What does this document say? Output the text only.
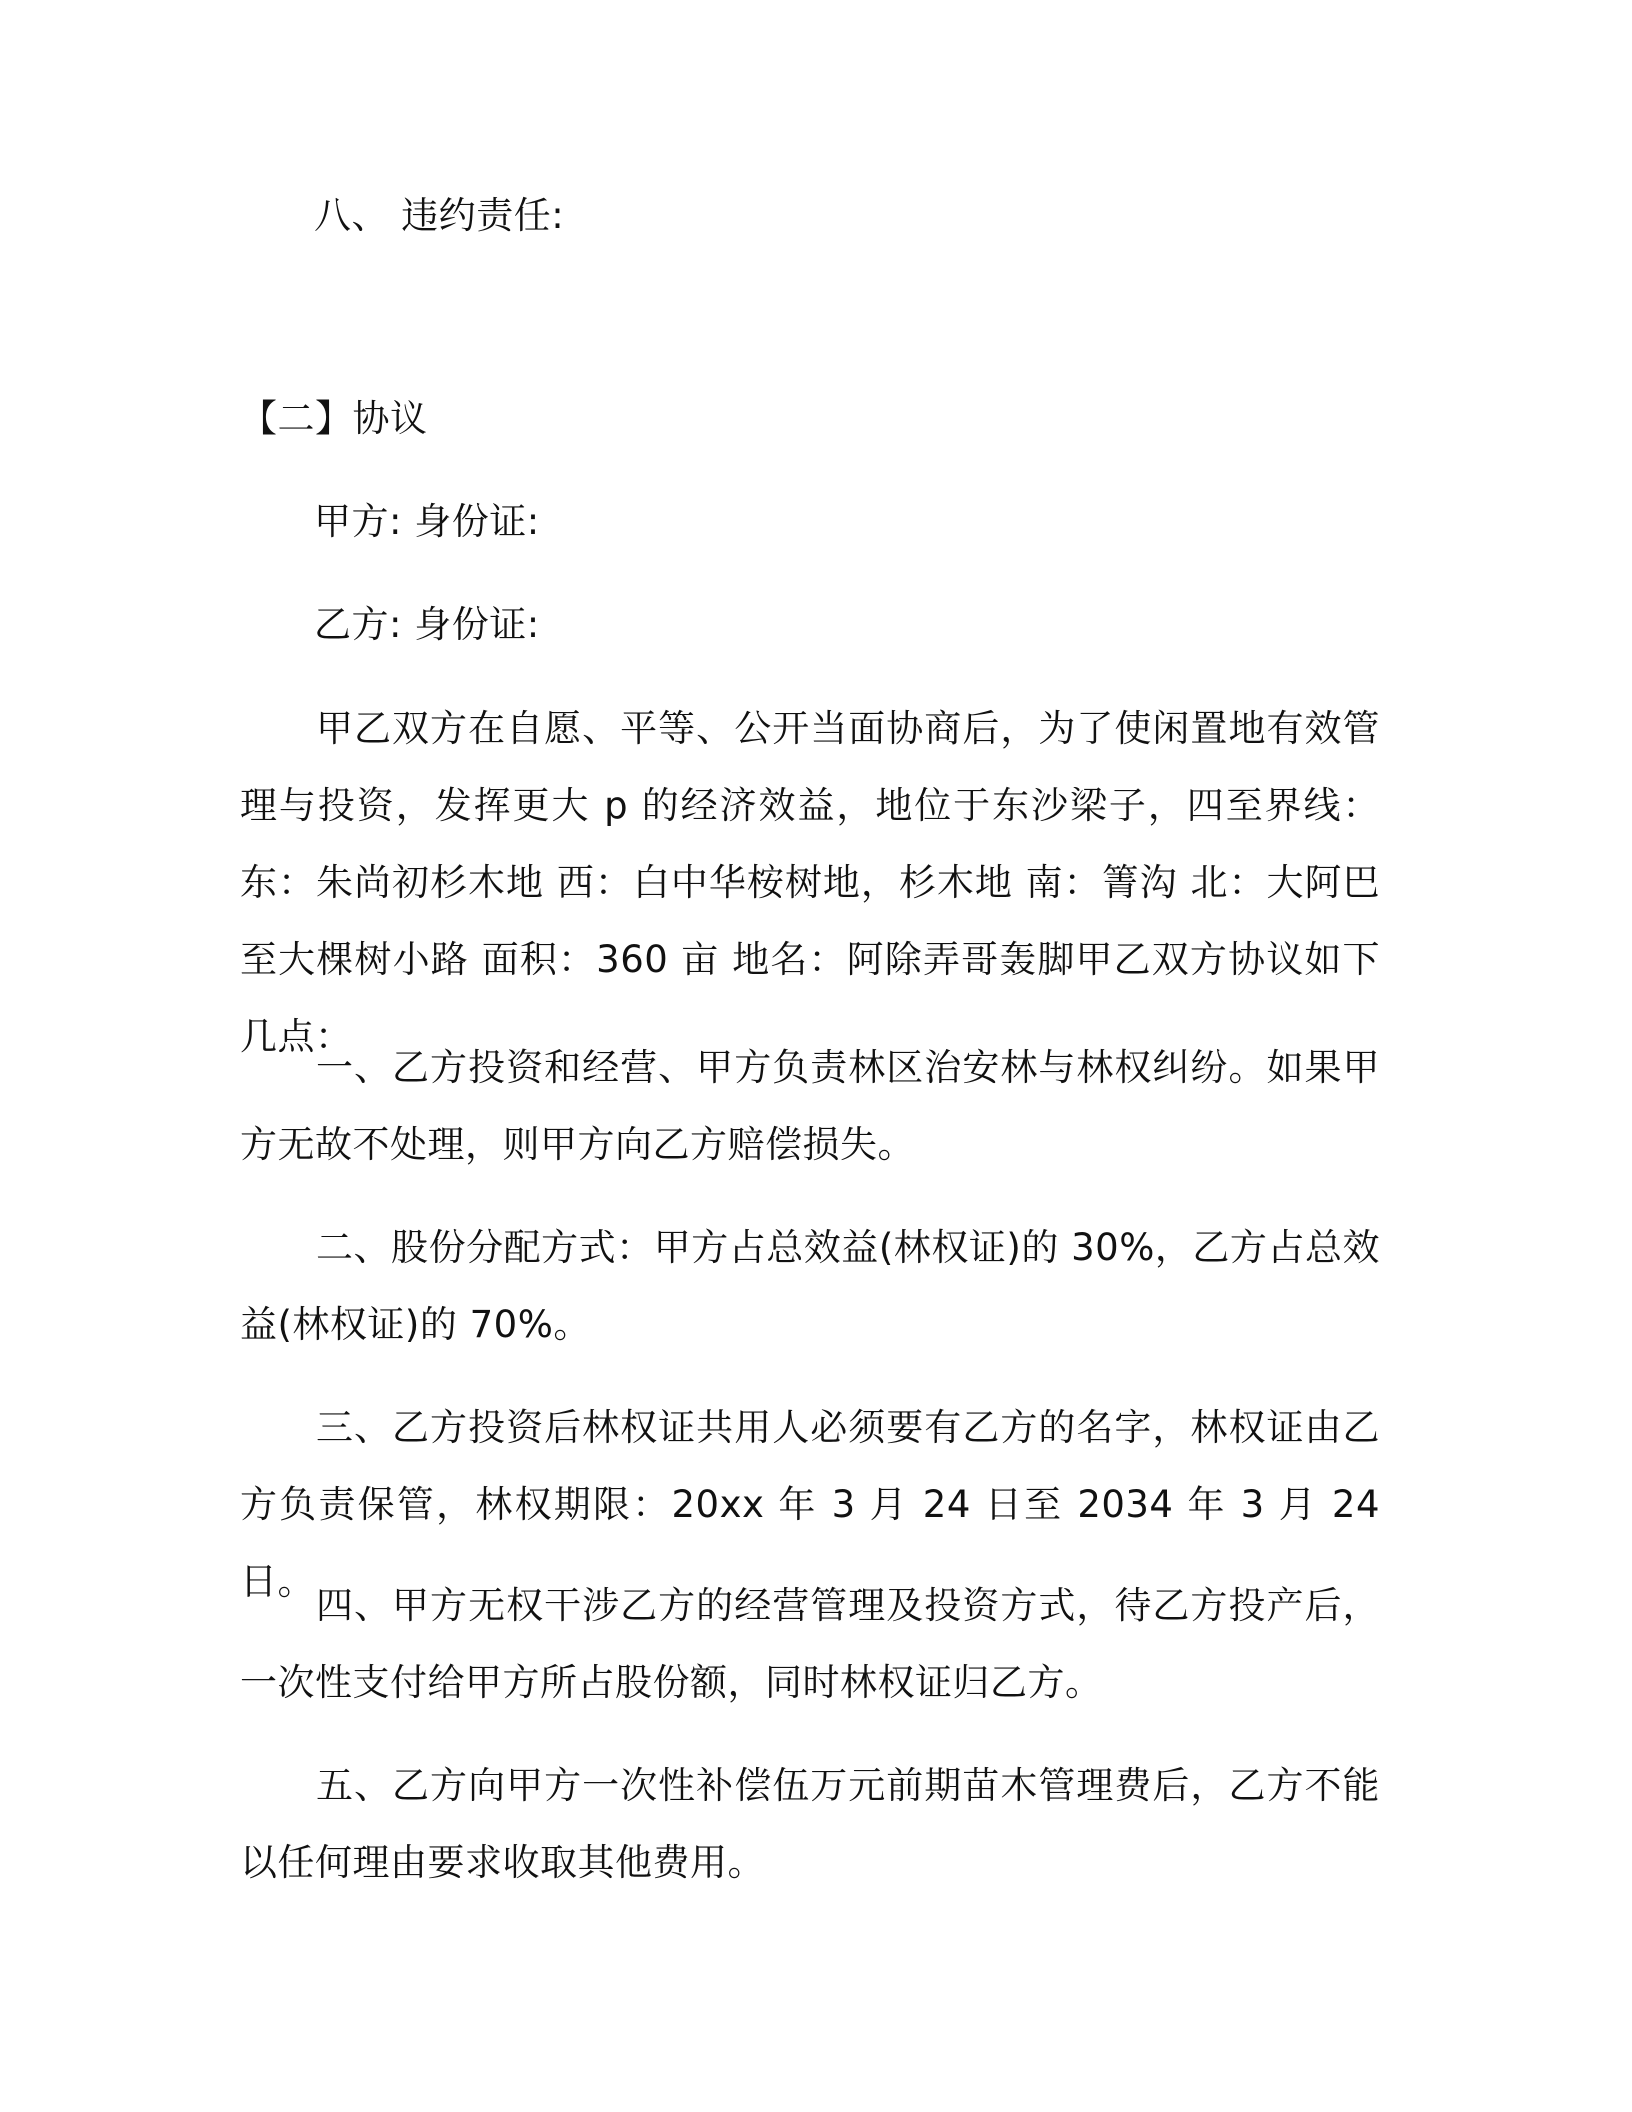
八、 违约责任:
【二】协议
甲方: 身份证:
乙方: 身份证:
甲乙双方在自愿、平等、公开当面协商后，为了使闲置地有效管理与投资，发挥更大 p 的经济效益，地位于东沙梁子，四至界线：东：朱尚初杉木地 西：白中华桉树地，杉木地 南：箐沟 北：大阿巴至大棵树小路 面积：360 亩 地名：阿除弄哥轰脚甲乙双方协议如下几点：
一、乙方投资和经营、甲方负责林区治安林与林权纠纷。如果甲方无故不处理，则甲方向乙方赔偿损失。
二、股份分配方式：甲方占总效益(林权证)的 30%，乙方占总效益(林权证)的 70%。
三、乙方投资后林权证共用人必须要有乙方的名字，林权证由乙方负责保管，林权期限：20xx 年 3 月 24 日至 2034 年 3 月 24 日。
四、甲方无权干涉乙方的经营管理及投资方式，待乙方投产后，一次性支付给甲方所占股份额，同时林权证归乙方。
五、乙方向甲方一次性补偿伍万元前期苗木管理费后，乙方不能以任何理由要求收取其他费用。
